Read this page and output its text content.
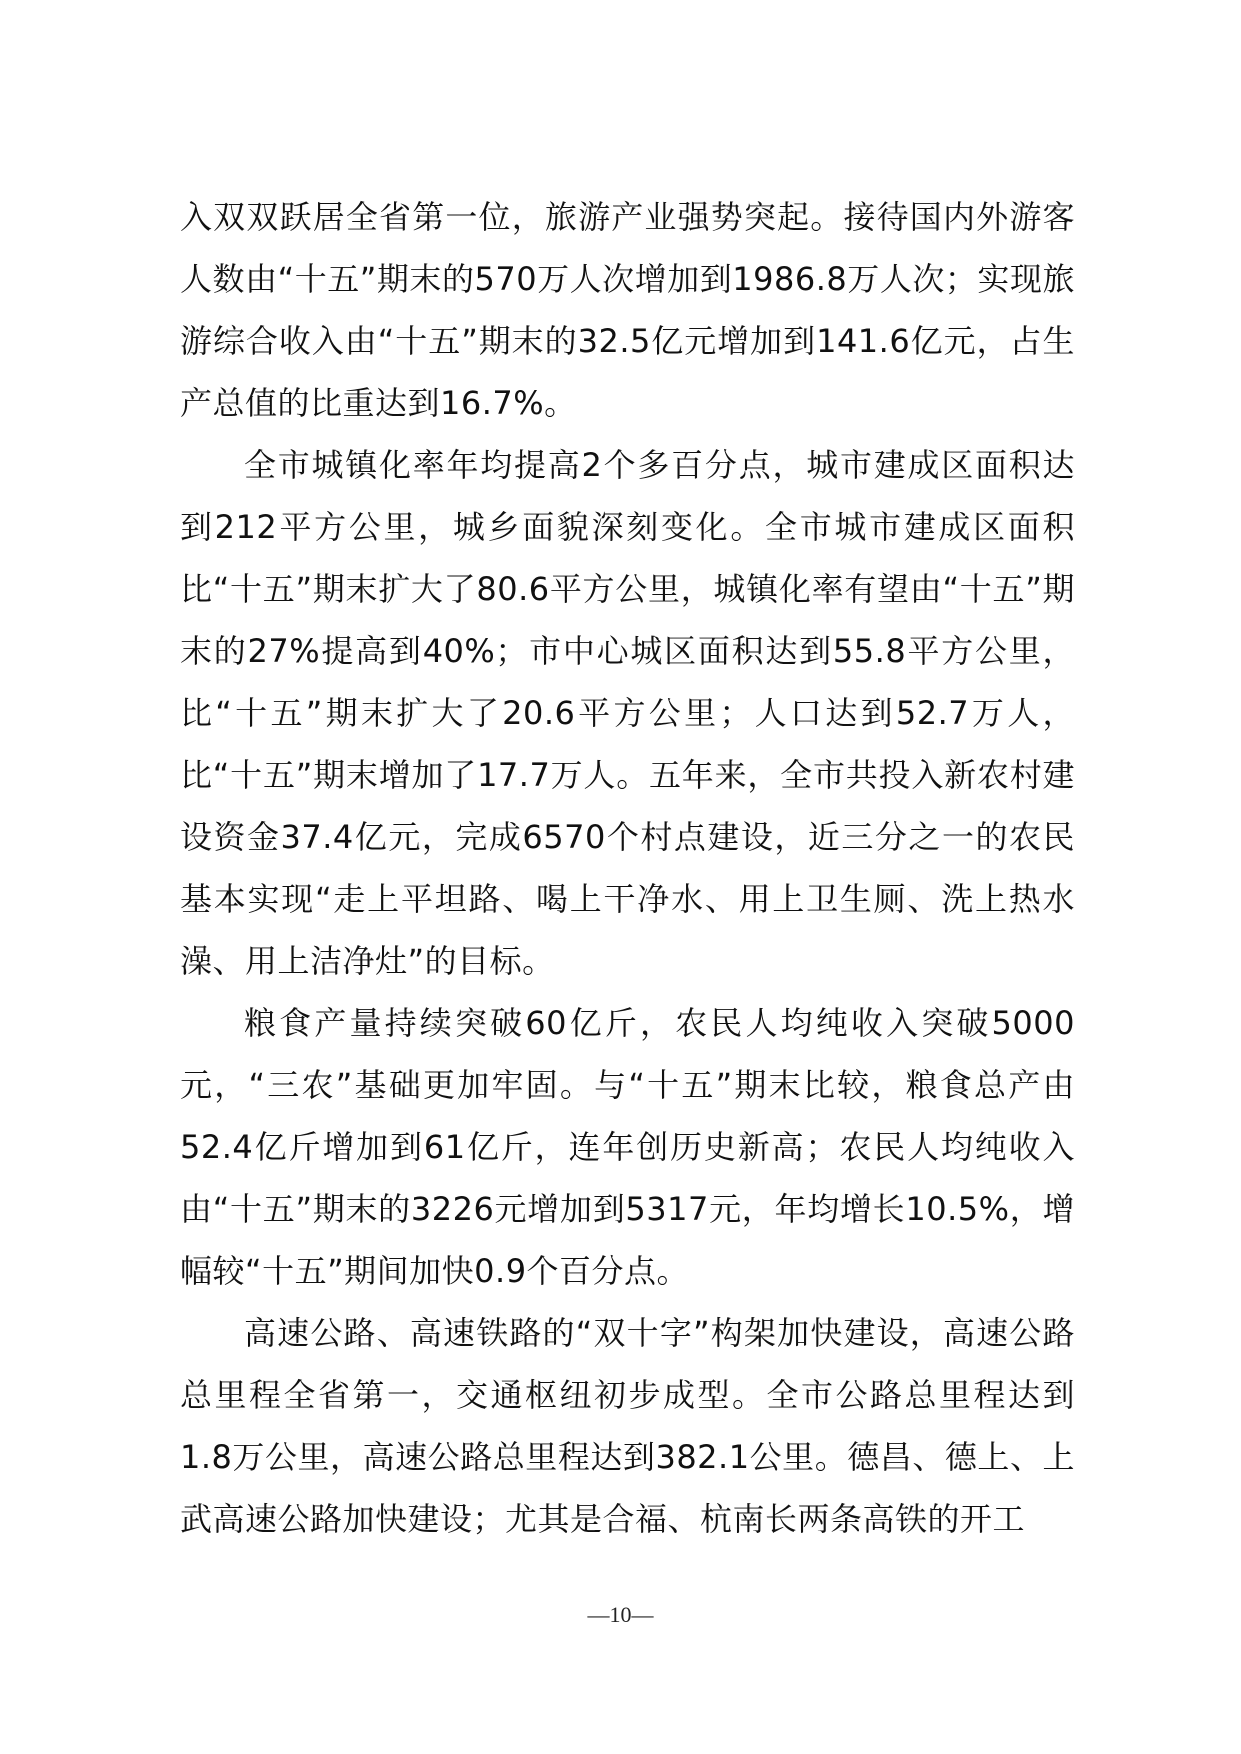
入双双跃居全省第一位，旅游产业强势突起。接待国内外游客人数由“十五”期末的570万人次增加到1986.8万人次；实现旅游综合收入由“十五”期末的32.5亿元增加到141.6亿元，占生产总值的比重达到16.7%。

全市城镇化率年均提高2个多百分点，城市建成区面积达到212平方公里，城乡面貌深刻变化。全市城市建成区面积比“十五”期末扩大了80.6平方公里，城镇化率有望由“十五”期末的27%提高到40%；市中心城区面积达到55.8平方公里，比“十五”期末扩大了20.6平方公里；人口达到52.7万人，比“十五”期末增加了17.7万人。五年来，全市共投入新农村建设资金37.4亿元，完成6570个村点建设，近三分之一的农民基本实现“走上平坦路、喝上干净水、用上卫生厕、洗上热水澡、用上洁净灶”的目标。

粮食产量持续突破60亿斤，农民人均纯收入突破5000元，“三农”基础更加牢固。与“十五”期末比较，粮食总产由52.4亿斤增加到61亿斤，连年创历史新高；农民人均纯收入由“十五”期末的3226元增加到5317元，年均增长10.5%，增幅较“十五”期间加快0.9个百分点。

高速公路、高速铁路的“双十字”构架加快建设，高速公路总里程全省第一，交通枢纽初步成型。全市公路总里程达到1.8万公里，高速公路总里程达到382.1公里。德昌、德上、上武高速公路加快建设；尤其是合福、杭南长两条高铁的开工

—10—
